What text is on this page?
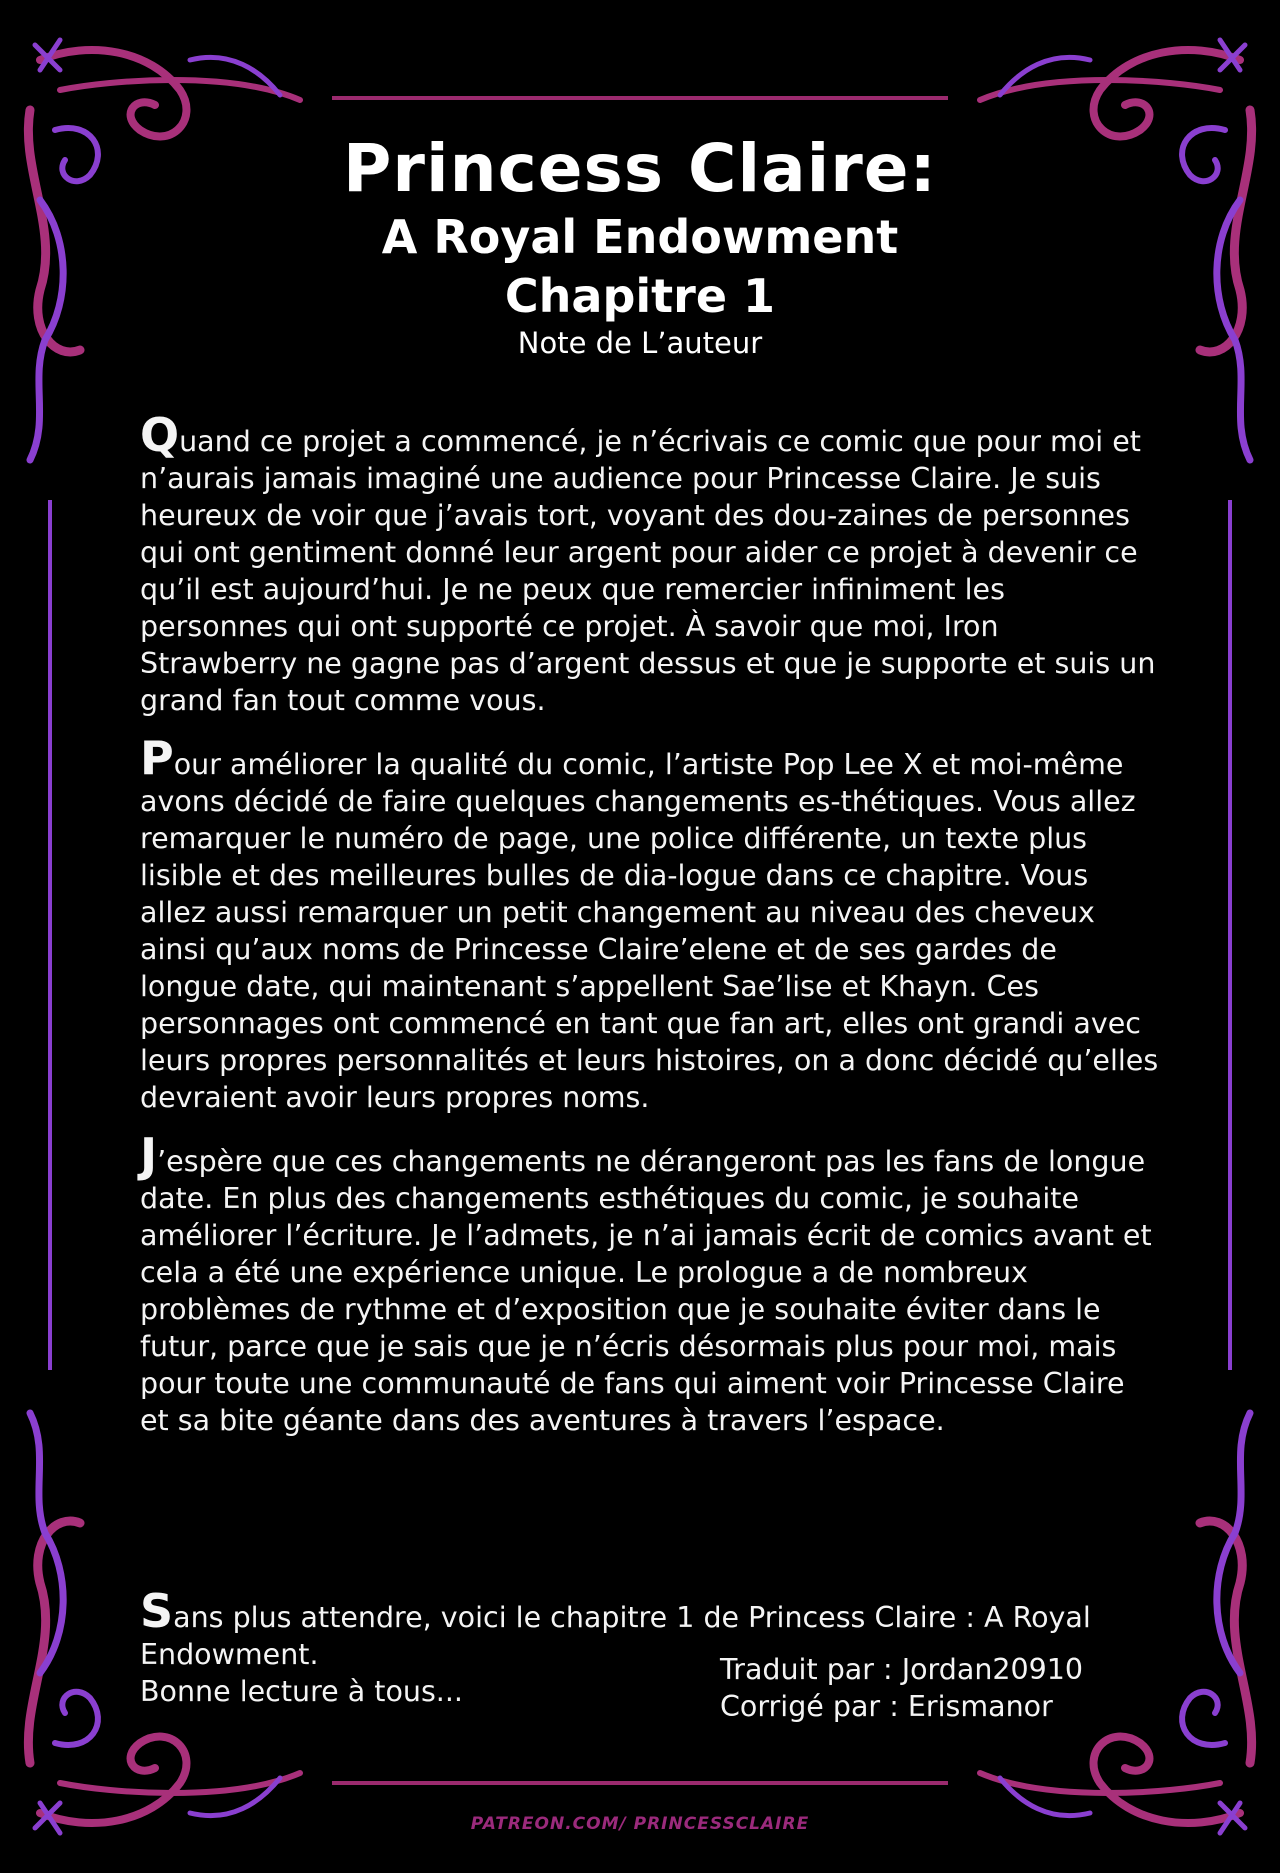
Princess Claire:

A Royal Endowment

Chapitre 1

Note de L’auteur

Quand ce projet a commencé, je n’écrivais ce comic que pour moi et n’aurais jamais imaginé une audience pour Princesse Claire. Je suis heureux de voir que j’avais tort, voyant des dou-zaines de personnes qui ont gentiment donné leur argent pour aider ce projet à devenir ce qu’il est aujourd’hui. Je ne peux que remercier infiniment les personnes qui ont supporté ce projet. À savoir que moi, Iron Strawberry ne gagne pas d’argent dessus et que je supporte et suis un grand fan tout comme vous.

Pour améliorer la qualité du comic, l’artiste Pop Lee X et moi-même avons décidé de faire quelques changements es-thétiques. Vous allez remarquer le numéro de page, une police différente, un texte plus lisible et des meilleures bulles de dia-logue dans ce chapitre. Vous allez aussi remarquer un petit changement au niveau des cheveux ainsi qu’aux noms de Princesse Claire’elene et de ses gardes de longue date, qui maintenant s’appellent Sae’lise et Khayn. Ces personnages ont commencé en tant que fan art, elles ont grandi avec leurs propres personnalités et leurs histoires, on a donc décidé qu’elles devraient avoir leurs propres noms.

J’espère que ces changements ne dérangeront pas les fans de longue date. En plus des changements esthétiques du comic, je souhaite améliorer l’écriture. Je l’admets, je n’ai jamais écrit de comics avant et cela a été une expérience unique. Le prologue a de nombreux problèmes de rythme et d’exposition que je souhaite éviter dans le futur, parce que je sais que je n’écris désormais plus pour moi, mais pour toute une communauté de fans qui aiment voir Princesse Claire et sa bite géante dans des aventures à travers l’espace.

Sans plus attendre, voici le chapitre 1 de Princess Claire : A Royal Endowment.

Bonne lecture à tous...

Traduit par : Jordan20910

Corrigé par : Erismanor

PATREON.COM/ PRINCESSCLAIRE
